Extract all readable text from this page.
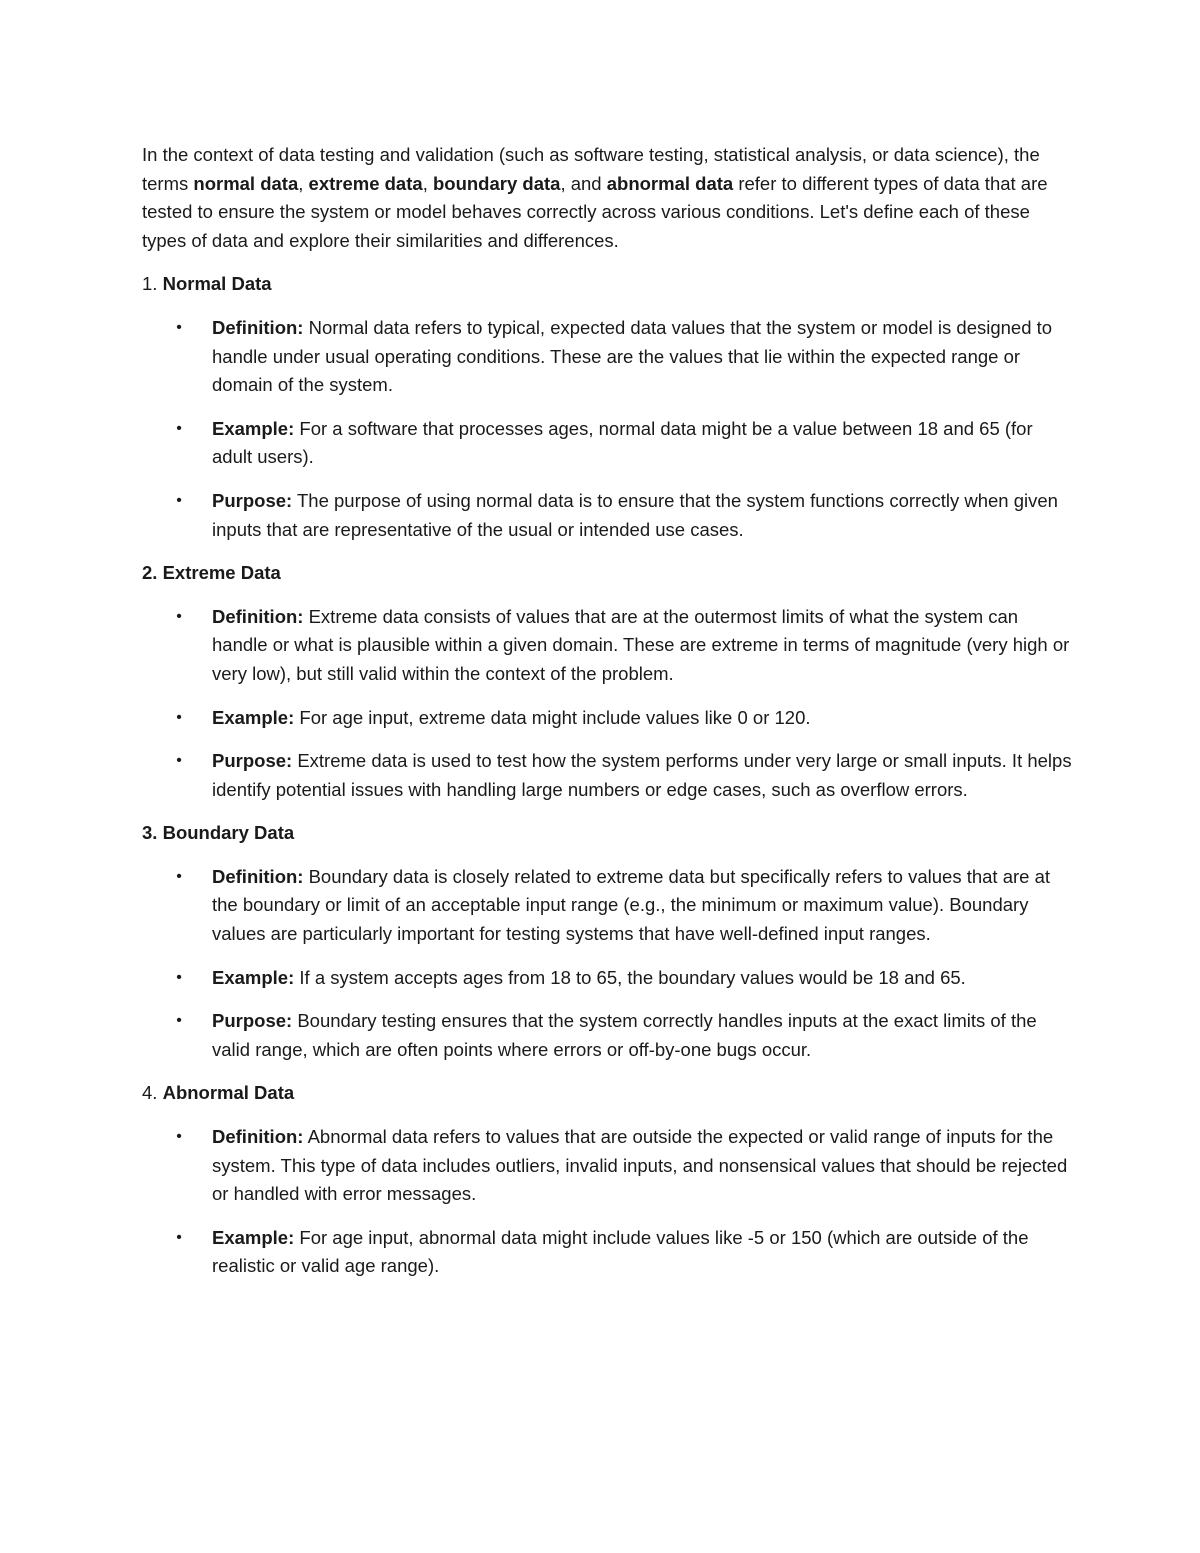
In the context of data testing and validation (such as software testing, statistical analysis, or data science), the terms normal data, extreme data, boundary data, and abnormal data refer to different types of data that are tested to ensure the system or model behaves correctly across various conditions. Let's define each of these types of data and explore their similarities and differences.

1. Normal Data

• Definition: Normal data refers to typical, expected data values that the system or model is designed to handle under usual operating conditions. These are the values that lie within the expected range or domain of the system.
• Example: For a software that processes ages, normal data might be a value between 18 and 65 (for adult users).
• Purpose: The purpose of using normal data is to ensure that the system functions correctly when given inputs that are representative of the usual or intended use cases.

2. Extreme Data

• Definition: Extreme data consists of values that are at the outermost limits of what the system can handle or what is plausible within a given domain. These are extreme in terms of magnitude (very high or very low), but still valid within the context of the problem.
• Example: For age input, extreme data might include values like 0 or 120.
• Purpose: Extreme data is used to test how the system performs under very large or small inputs. It helps identify potential issues with handling large numbers or edge cases, such as overflow errors.

3. Boundary Data

• Definition: Boundary data is closely related to extreme data but specifically refers to values that are at the boundary or limit of an acceptable input range (e.g., the minimum or maximum value). Boundary values are particularly important for testing systems that have well-defined input ranges.
• Example: If a system accepts ages from 18 to 65, the boundary values would be 18 and 65.
• Purpose: Boundary testing ensures that the system correctly handles inputs at the exact limits of the valid range, which are often points where errors or off-by-one bugs occur.

4. Abnormal Data

• Definition: Abnormal data refers to values that are outside the expected or valid range of inputs for the system. This type of data includes outliers, invalid inputs, and nonsensical values that should be rejected or handled with error messages.
• Example: For age input, abnormal data might include values like -5 or 150 (which are outside of the realistic or valid age range).
